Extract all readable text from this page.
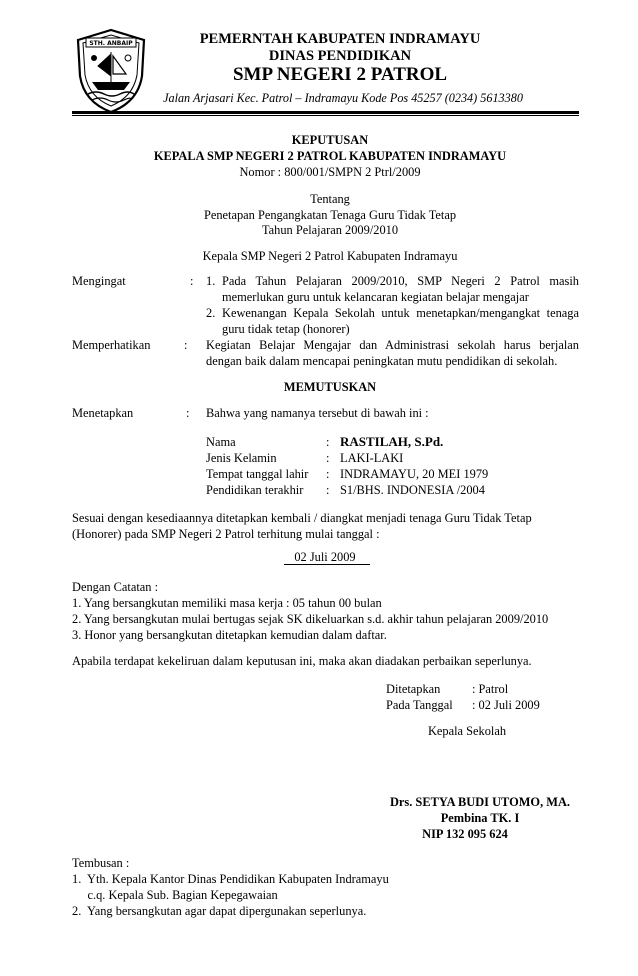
STH. ANBAIP	PEMERNTAH KABUPATEN INDRAMAYU
DINAS PENDIDIKAN
SMP NEGERI 2 PATROL
Jalan Arjasari Kec. Patrol – Indramayu Kode Pos 45257 (0234) 5613380
KEPUTUSAN
KEPALA SMP NEGERI 2 PATROL KABUPATEN INDRAMAYU
Nomor : 800/001/SMPN 2 Ptrl/2009
Tentang
Penetapan Pengangkatan Tenaga Guru Tidak Tetap
Tahun Pelajaran 2009/2010
Kepala SMP Negeri 2 Patrol Kabupaten Indramayu
Mengingat	: 1. Pada Tahun Pelajaran 2009/2010, SMP Negeri 2 Patrol masih
memerlukan guru untuk kelancaran kegiatan belajar mengajar
2. Kewenangan Kepala Sekolah untuk menetapkan/mengangkat tenaga
guru tidak tetap (honorer)
Memperhatikan	: Kegiatan Belajar Mengajar dan Administrasi sekolah harus berjalan
dengan baik dalam mencapai peningkatan mutu pendidikan di sekolah.
MEMUTUSKAN
Menetapkan	: Bahwa yang namanya tersebut di bawah ini :
Nama	: RASTILAH, S.Pd.
Jenis Kelamin	: LAKI-LAKI
Tempat tanggal lahir : INDRAMAYU, 20 MEI 1979
Pendidikan terakhir : S1/BHS. INDONESIA /2004
Sesuai dengan kesediaannya ditetapkan kembali / diangkat menjadi tenaga Guru Tidak Tetap
(Honorer) pada SMP Negeri 2 Patrol terhitung mulai tanggal :
02 Juli 2009
Dengan Catatan :
1. Yang bersangkutan memiliki masa kerja : 05 tahun 00 bulan
2. Yang bersangkutan mulai bertugas sejak SK dikeluarkan s.d. akhir tahun pelajaran 2009/2010
3. Honor yang bersangkutan ditetapkan kemudian dalam daftar.
Apabila terdapat kekeliruan dalam keputusan ini, maka akan diadakan perbaikan seperlunya.
Ditetapkan	: Patrol
Pada Tanggal : 02 Juli 2009
Kepala Sekolah
Drs. SETYA BUDI UTOMO, MA.
Pembina TK. I
NIP 132 095 624
Tembusan :
1.  Yth. Kepala Kantor Dinas Pendidikan Kabupaten Indramayu
c.q. Kepala Sub. Bagian Kepegawaian
2.  Yang bersangkutan agar dapat dipergunakan seperlunya.
